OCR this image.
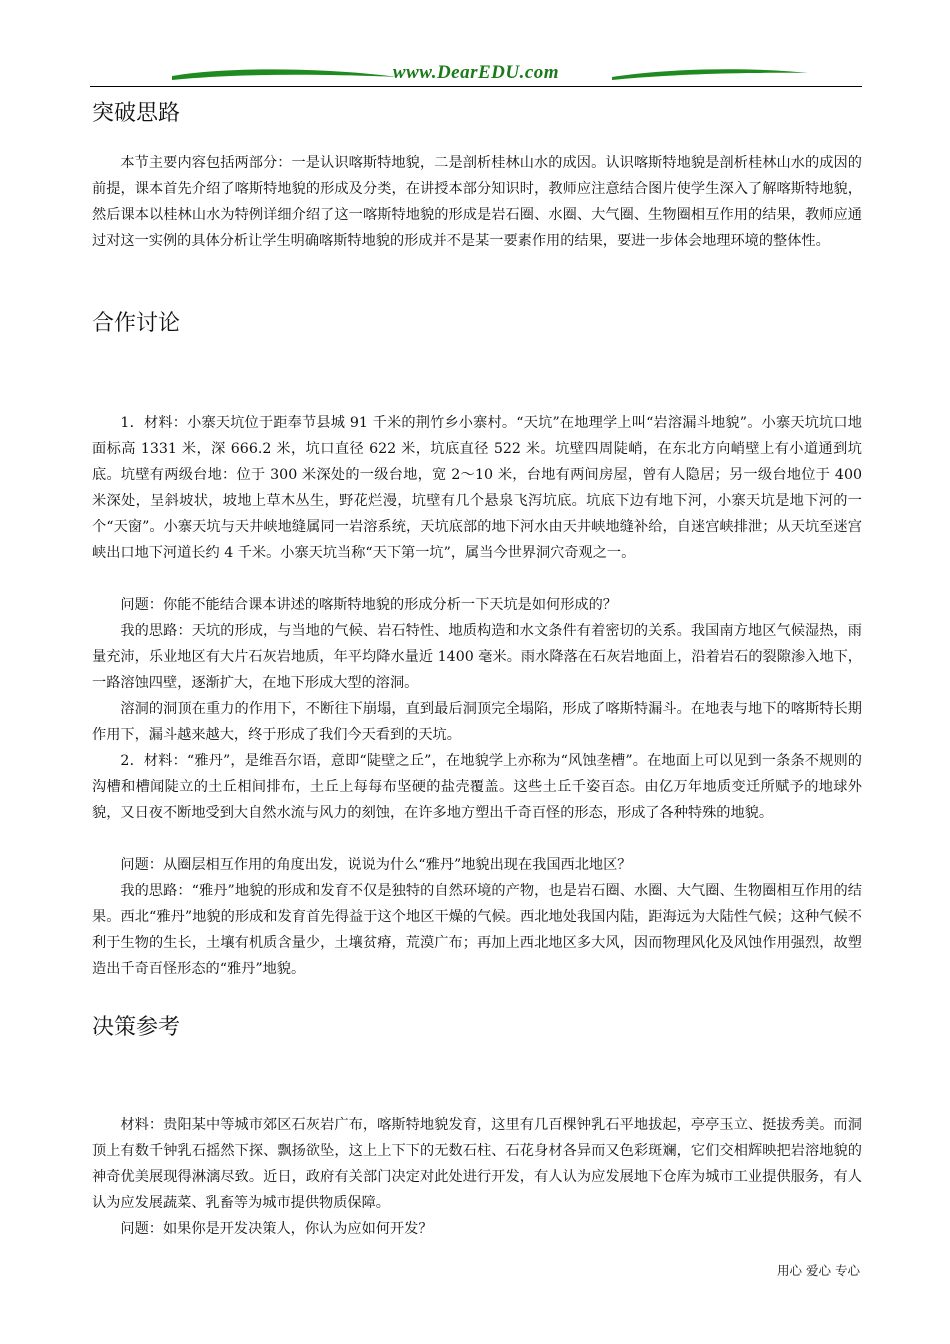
www.DearEDU.com
突破思路

本节主要内容包括两部分：一是认识喀斯特地貌，二是剖析桂林山水的成因。认识喀斯特地貌是剖析桂林山水的成因的前提，课本首先介绍了喀斯特地貌的形成及分类，在讲授本部分知识时，教师应注意结合图片使学生深入了解喀斯特地貌，然后课本以桂林山水为特例详细介绍了这一喀斯特地貌的形成是岩石圈、水圈、大气圈、生物圈相互作用的结果，教师应通过对这一实例的具体分析让学生明确喀斯特地貌的形成并不是某一要素作用的结果，要进一步体会地理环境的整体性。

合作讨论

1．材料：小寨天坑位于距奉节县城 91 千米的荆竹乡小寨村。“天坑”在地理学上叫“岩溶漏斗地貌”。小寨天坑坑口地面标高 1331 米，深 666.2 米，坑口直径 622 米，坑底直径 522 米。坑壁四周陡峭，在东北方向峭壁上有小道通到坑底。坑壁有两级台地：位于 300 米深处的一级台地，宽 2～10 米，台地有两间房屋，曾有人隐居；另一级台地位于 400 米深处，呈斜坡状，坡地上草木丛生，野花烂漫，坑壁有几个悬泉飞泻坑底。坑底下边有地下河，小寨天坑是地下河的一个“天窗”。小寨天坑与天井峡地缝属同一岩溶系统，天坑底部的地下河水由天井峡地缝补给，自迷宫峡排泄；从天坑至迷宫峡出口地下河道长约 4 千米。小寨天坑当称“天下第一坑”，属当今世界洞穴奇观之一。

问题：你能不能结合课本讲述的喀斯特地貌的形成分析一下天坑是如何形成的？

我的思路：天坑的形成，与当地的气候、岩石特性、地质构造和水文条件有着密切的关系。我国南方地区气候湿热，雨量充沛，乐业地区有大片石灰岩地质，年平均降水量近 1400 毫米。雨水降落在石灰岩地面上，沿着岩石的裂隙渗入地下，一路溶蚀四壁，逐渐扩大，在地下形成大型的溶洞。

溶洞的洞顶在重力的作用下，不断往下崩塌，直到最后洞顶完全塌陷，形成了喀斯特漏斗。在地表与地下的喀斯特长期作用下，漏斗越来越大，终于形成了我们今天看到的天坑。

2．材料：“雅丹”，是维吾尔语，意即“陡壁之丘”，在地貌学上亦称为“风蚀垄槽”。在地面上可以见到一条条不规则的沟槽和槽闻陡立的土丘相间排布，土丘上每每布坚硬的盐壳覆盖。这些土丘千姿百态。由亿万年地质变迁所赋予的地球外貌，又日夜不断地受到大自然水流与风力的刻蚀，在许多地方塑出千奇百怪的形态，形成了各种特殊的地貌。

问题：从圈层相互作用的角度出发，说说为什么“雅丹”地貌出现在我国西北地区？

我的思路：“雅丹”地貌的形成和发育不仅是独特的自然环境的产物，也是岩石圈、水圈、大气圈、生物圈相互作用的结果。西北“雅丹”地貌的形成和发育首先得益于这个地区干燥的气候。西北地处我国内陆，距海远为大陆性气候；这种气候不利于生物的生长，土壤有机质含量少，土壤贫瘠，荒漠广布；再加上西北地区多大风，因而物理风化及风蚀作用强烈，故塑造出千奇百怪形态的“雅丹”地貌。

决策参考

材料：贵阳某中等城市郊区石灰岩广布，喀斯特地貌发育，这里有几百棵钟乳石平地拔起，亭亭玉立、挺拔秀美。而洞顶上有数千钟乳石摇然下探、飘扬欲坠，这上上下下的无数石柱、石花身材各异而又色彩斑斓，它们交相辉映把岩溶地貌的神奇优美展现得淋漓尽致。近日，政府有关部门决定对此处进行开发，有人认为应发展地下仓库为城市工业提供服务，有人认为应发展蔬菜、乳畜等为城市提供物质保障。

问题：如果你是开发决策人，你认为应如何开发？

用心 爱心 专心
